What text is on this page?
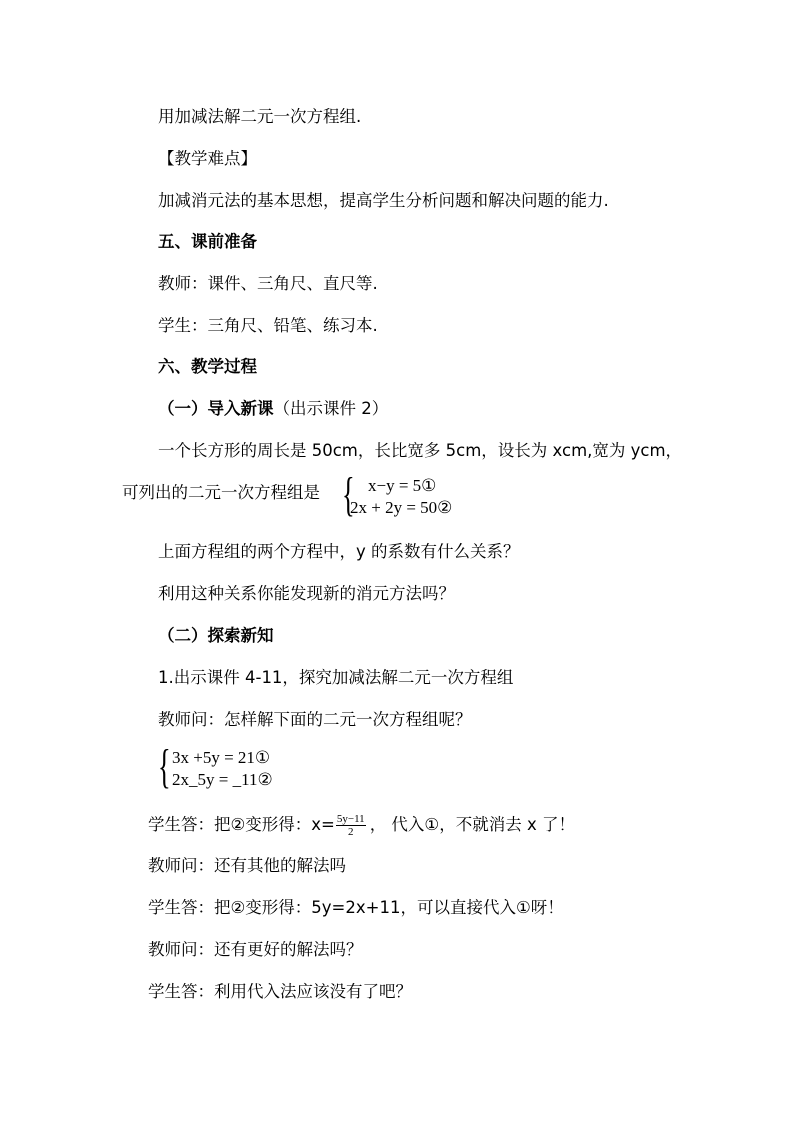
用加减法解二元一次方程组.
【教学难点】
加减消元法的基本思想，提高学生分析问题和解决问题的能力.
五、课前准备
教师：课件、三角尺、直尺等.
学生：三角尺、铅笔、练习本.
六、教学过程
（一）导入新课（出示课件 2）
一个长方形的周长是 50cm，长比宽多 5cm，设长为 xcm,宽为 ycm，
可列出的二元一次方程组是 { x−y = 5①
2x + 2y = 50②
上面方程组的两个方程中，y 的系数有什么关系？
利用这种关系你能发现新的消元方法吗？
（二）探索新知
1.出示课件 4-11，探究加减法解二元一次方程组
教师问：怎样解下面的二元一次方程组呢？
{ 3x +5y = 21①
2x_5y = _11②
学生答：把②变形得：$x= \frac{5y-11}{2}$ ， 代入①，不就消去 x 了！
教师问：还有其他的解法吗
学生答：把②变形得：5y=2x+11，可以直接代入①呀！
教师问：还有更好的解法吗？
学生答：利用代入法应该没有了吧？
